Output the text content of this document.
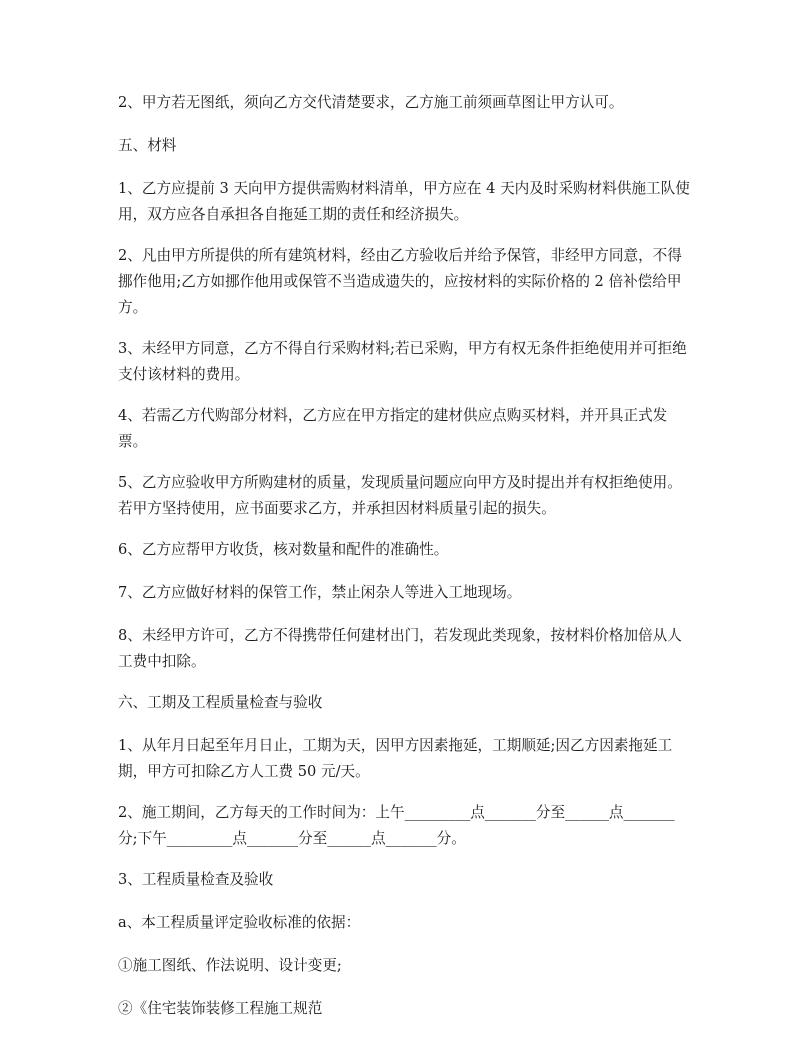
2、甲方若无图纸，须向乙方交代清楚要求，乙方施工前须画草图让甲方认可。

五、材料

1、乙方应提前 3 天向甲方提供需购材料清单，甲方应在 4 天内及时采购材料供施工队使用，双方应各自承担各自拖延工期的责任和经济损失。

2、凡由甲方所提供的所有建筑材料，经由乙方验收后并给予保管，非经甲方同意，不得挪作他用;乙方如挪作他用或保管不当造成遗失的，应按材料的实际价格的 2 倍补偿给甲方。

3、未经甲方同意，乙方不得自行采购材料;若已采购，甲方有权无条件拒绝使用并可拒绝支付该材料的费用。

4、若需乙方代购部分材料，乙方应在甲方指定的建材供应点购买材料，并开具正式发票。

5、乙方应验收甲方所购建材的质量，发现质量问题应向甲方及时提出并有权拒绝使用。若甲方坚持使用，应书面要求乙方，并承担因材料质量引起的损失。

6、乙方应帮甲方收货，核对数量和配件的准确性。

7、乙方应做好材料的保管工作，禁止闲杂人等进入工地现场。

8、未经甲方许可，乙方不得携带任何建材出门，若发现此类现象，按材料价格加倍从人工费中扣除。

六、工期及工程质量检查与验收

1、从年月日起至年月日止，工期为天，因甲方因素拖延，工期顺延;因乙方因素拖延工期，甲方可扣除乙方人工费 50 元/天。

2、施工期间，乙方每天的工作时间为：上午_________点_______分至______点_______分;下午_________点_______分至______点_______分。

3、工程质量检查及验收

a、本工程质量评定验收标准的依据：

①施工图纸、作法说明、设计变更;

②《住宅装饰装修工程施工规范
